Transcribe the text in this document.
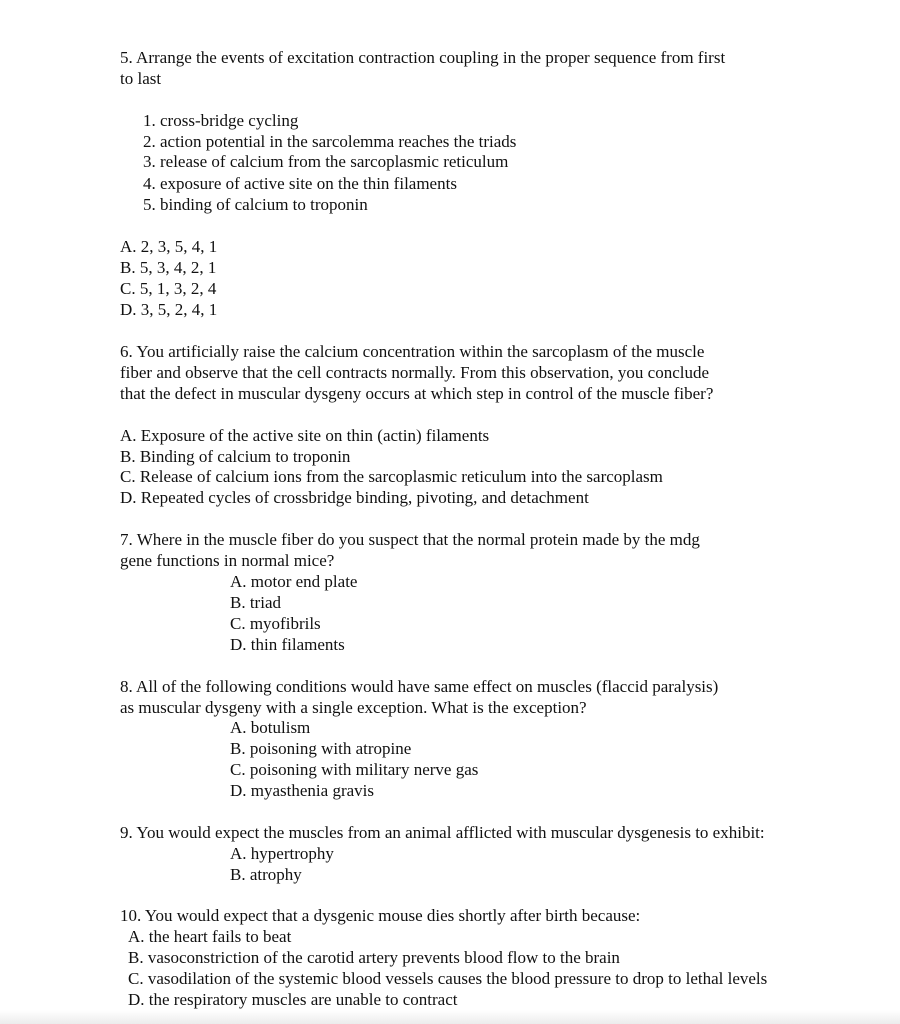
5. Arrange the events of excitation contraction coupling in the proper sequence from first
to last
1. cross-bridge cycling
2. action potential in the sarcolemma reaches the triads
3. release of calcium from the sarcoplasmic reticulum
4. exposure of active site on the thin filaments
5. binding of calcium to troponin
A. 2, 3, 5, 4, 1
B. 5, 3, 4, 2, 1
C. 5, 1, 3, 2, 4
D. 3, 5, 2, 4, 1
6. You artificially raise the calcium concentration within the sarcoplasm of the muscle
fiber and observe that the cell contracts normally. From this observation, you conclude
that the defect in muscular dysgeny occurs at which step in control of the muscle fiber?
A. Exposure of the active site on thin (actin) filaments
B. Binding of calcium to troponin
C. Release of calcium ions from the sarcoplasmic reticulum into the sarcoplasm
D. Repeated cycles of crossbridge binding, pivoting, and detachment
7. Where in the muscle fiber do you suspect that the normal protein made by the mdg
gene functions in normal mice?
A. motor end plate
B. triad
C. myofibrils
D. thin filaments
8. All of the following conditions would have same effect on muscles (flaccid paralysis)
as muscular dysgeny with a single exception. What is the exception?
A. botulism
B. poisoning with atropine
C. poisoning with military nerve gas
D. myasthenia gravis
9. You would expect the muscles from an animal afflicted with muscular dysgenesis to exhibit:
A. hypertrophy
B. atrophy
10. You would expect that a dysgenic mouse dies shortly after birth because:
A. the heart fails to beat
B. vasoconstriction of the carotid artery prevents blood flow to the brain
C. vasodilation of the systemic blood vessels causes the blood pressure to drop to lethal levels
D. the respiratory muscles are unable to contract
